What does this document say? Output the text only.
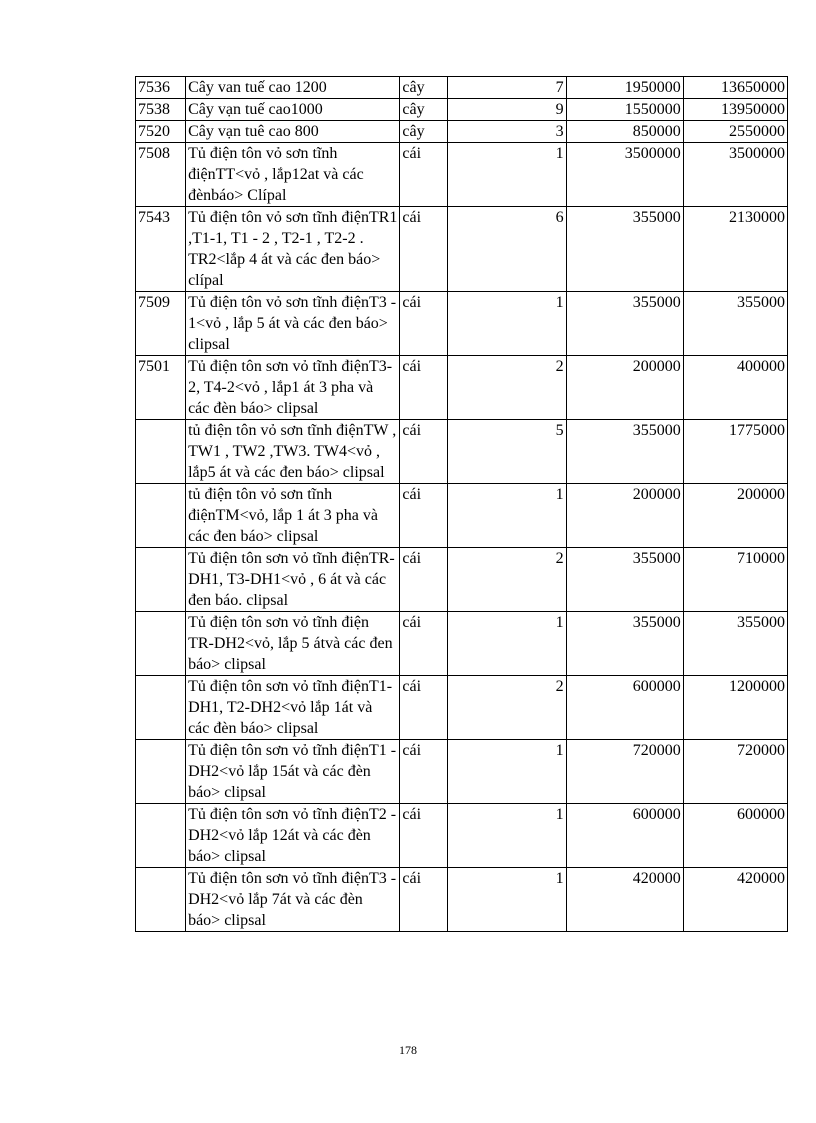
7536	Cây van tuế cao 1200	cây	7	1950000	13650000
7538	Cây vạn tuế cao1000	cây	9	1550000	13950000
7520	Cây vạn tuê cao 800	cây	3	850000	2550000
7508	Tủ điện tôn vỏ sơn tĩnh điệnTT<vỏ , lắp12at và các đènbáo> Clípal	cái	1	3500000	3500000
7543	Tủ điện tôn vỏ sơn tĩnh điệnTR1 ,T1-1, T1 - 2 , T2-1 , T2-2 . TR2<lắp 4 át và các đen báo> clípal	cái	6	355000	2130000
7509	Tủ điện tôn vỏ sơn tĩnh điệnT3 - 1<vỏ , lắp 5 át và các đen báo> clipsal	cái	1	355000	355000
7501	Tủ điện tôn sơn vỏ tĩnh điệnT3-2, T4-2<vỏ , lắp1 át 3 pha và các đèn báo> clipsal	cái	2	200000	400000
	tủ điện tôn vỏ sơn tĩnh điệnTW , TW1 , TW2 ,TW3. TW4<vỏ , lắp5 át và các đen báo> clipsal	cái	5	355000	1775000
	tủ điện tôn vỏ sơn tĩnh điệnTM<vỏ, lắp 1 át 3 pha và các đen báo> clipsal	cái	1	200000	200000
	Tủ điện tôn sơn vỏ tĩnh điệnTR-DH1, T3-DH1<vỏ , 6 át và các đen báo. clipsal	cái	2	355000	710000
	Tủ điện tôn sơn vỏ tĩnh điện TR-DH2<vỏ, lắp 5 átvà các đen báo> clipsal	cái	1	355000	355000
	Tủ điện tôn sơn vỏ tĩnh điệnT1-DH1, T2-DH2<vỏ lắp 1át và các đèn báo> clipsal	cái	2	600000	1200000
	Tủ điện tôn sơn vỏ tĩnh điệnT1 - DH2<vỏ lắp 15át và các đèn báo> clipsal	cái	1	720000	720000
	Tủ điện tôn sơn vỏ tĩnh điệnT2 - DH2<vỏ lắp 12át và các đèn báo> clipsal	cái	1	600000	600000
	Tủ điện tôn sơn vỏ tĩnh điệnT3 - DH2<vỏ lắp 7át và các đèn báo> clipsal	cái	1	420000	420000
178
